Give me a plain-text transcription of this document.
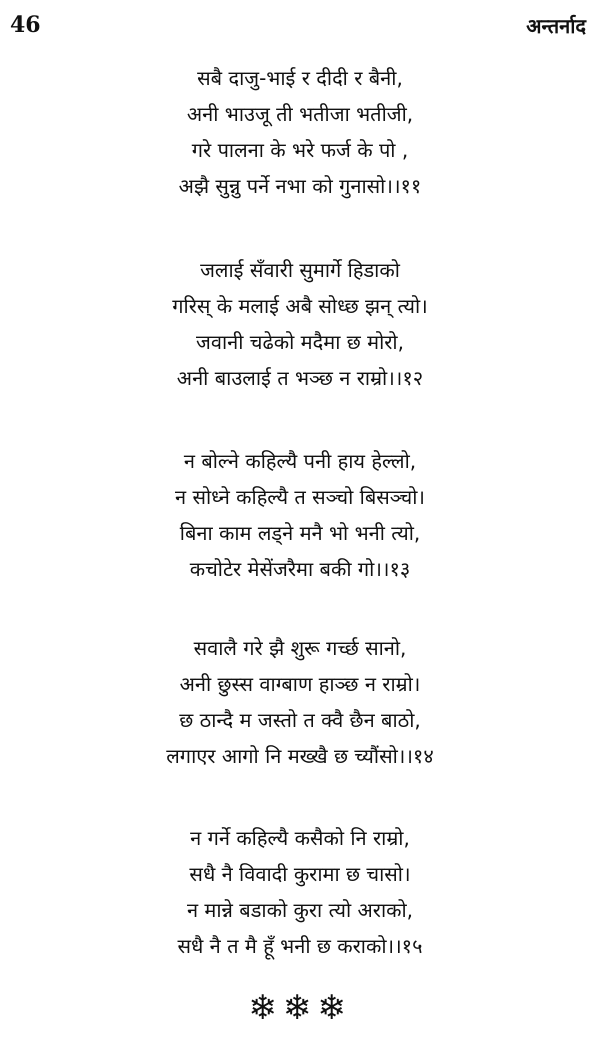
46	अन्तर्नाद
सबै दाजु-भाई र दीदी र बैनी,
अनी भाउजू ती भतीजा भतीजी,
गरे पालना के भरे फर्ज के पो ,
अझै सुन्नु पर्ने नभा को गुनासो।।११
जलाई सँवारी सुमार्गे हिडाको
गरिस् के मलाई अबै सोध्छ झन् त्यो।
जवानी चढेको मदैमा छ मोरो,
अनी बाउलाई त भञ्छ न राम्रो।।१२
न बोल्ने कहिल्यै पनी हाय हेल्लो,
न सोध्ने कहिल्यै त सञ्चो बिसञ्चो।
बिना काम लड्ने मनै भो भनी त्यो,
कचोटेर मेसेंजरैमा बकी गो।।१३
सवालै गरे झै शुरू गर्च्छ सानो,
अनी छुस्स वाग्बाण हाञ्छ न राम्रो।
छ ठान्दै म जस्तो त क्वै छैन बाठो,
लगाएर आगो नि मख्खै छ च्यौंसो।।१४
न गर्ने कहिल्यै कसैको नि राम्रो,
सधै नै विवादी कुरामा छ चासो।
न मान्ने बडाको कुरा त्यो अराको,
सधै नै त मै हूँ भनी छ कराको।।१५
❄❄❄
